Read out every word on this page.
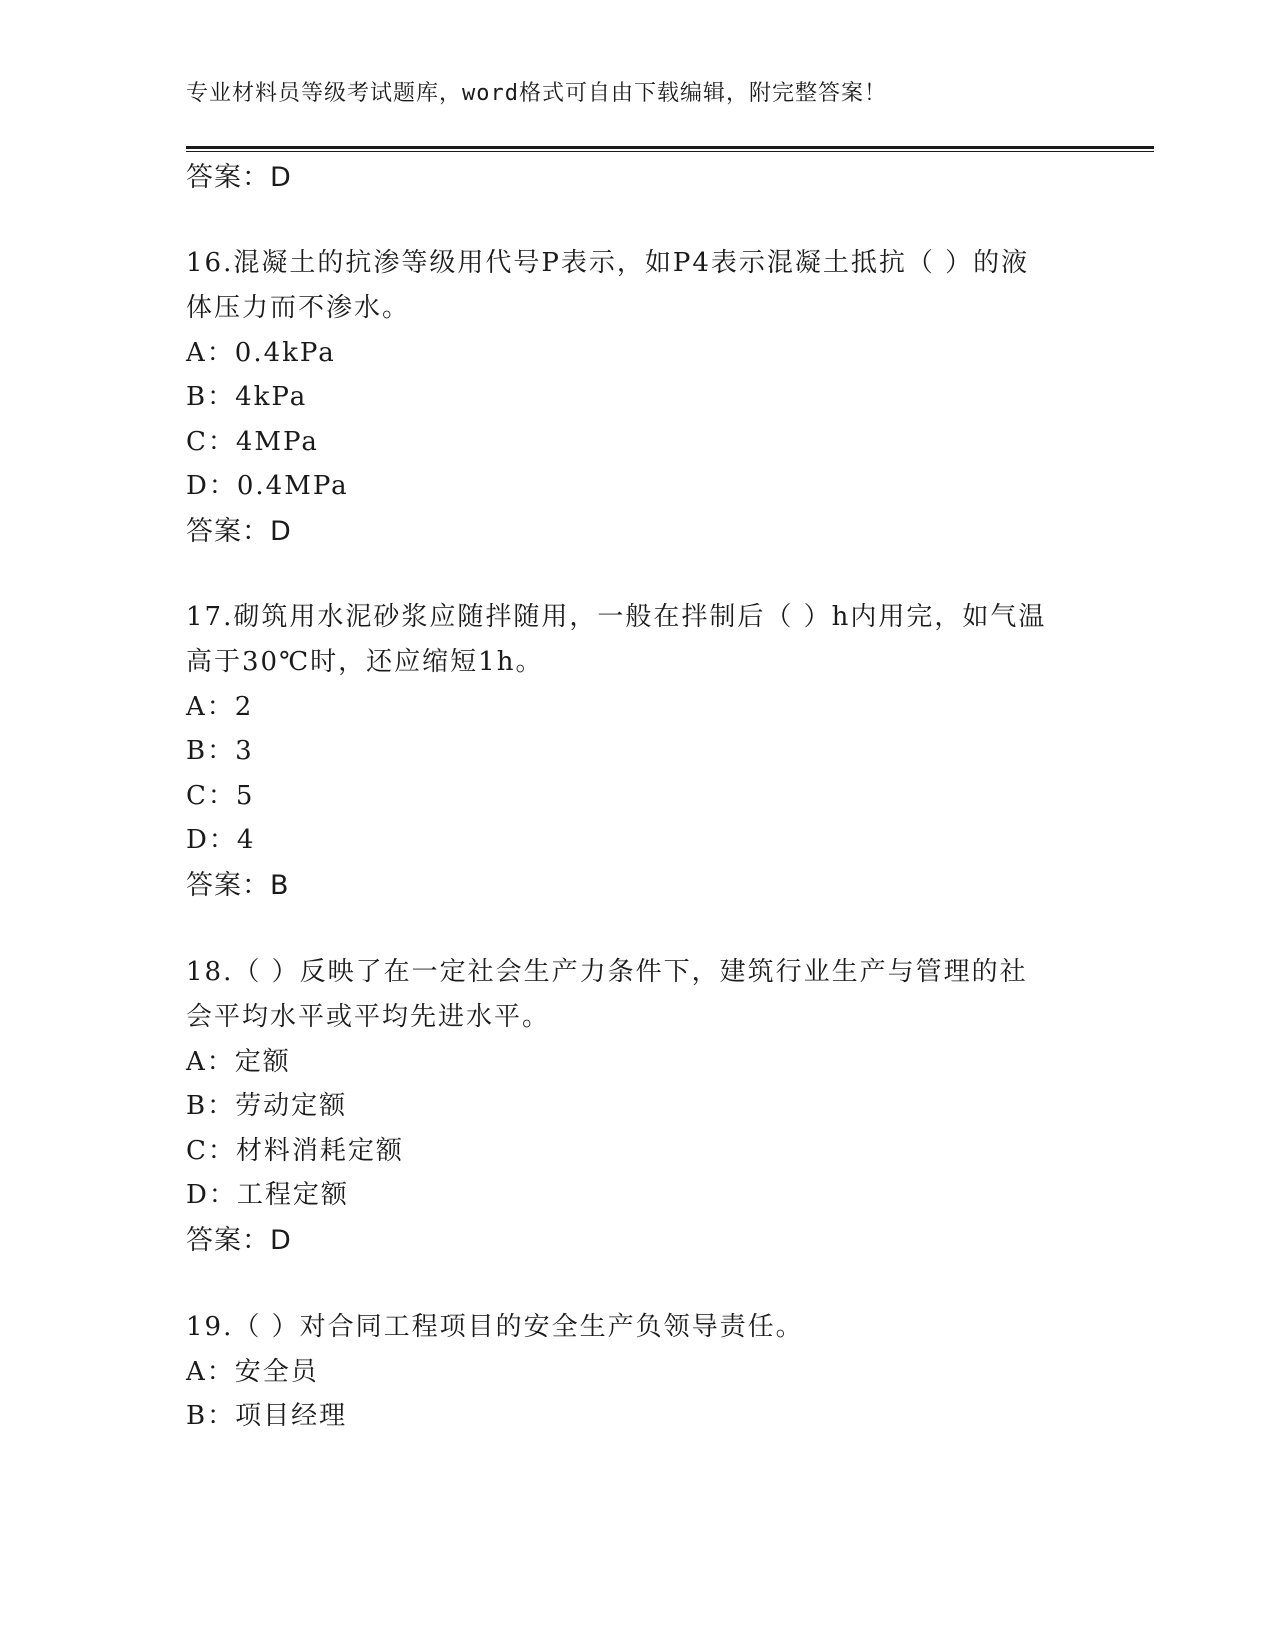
专业材料员等级考试题库，word格式可自由下载编辑，附完整答案！
答案：D
16.混凝土的抗渗等级用代号P表示，如P4表示混凝土抵抗（ ）的液
体压力而不渗水。
A：0.4kPa
B：4kPa
C：4MPa
D：0.4MPa
答案：D
17.砌筑用水泥砂浆应随拌随用，一般在拌制后（ ）h内用完，如气温
高于30℃时，还应缩短1h。
A：2
B：3
C：5
D：4
答案：B
18.（ ）反映了在一定社会生产力条件下，建筑行业生产与管理的社
会平均水平或平均先进水平。
A：定额
B：劳动定额
C：材料消耗定额
D：工程定额
答案：D
19.（ ）对合同工程项目的安全生产负领导责任。
A：安全员
B：项目经理
